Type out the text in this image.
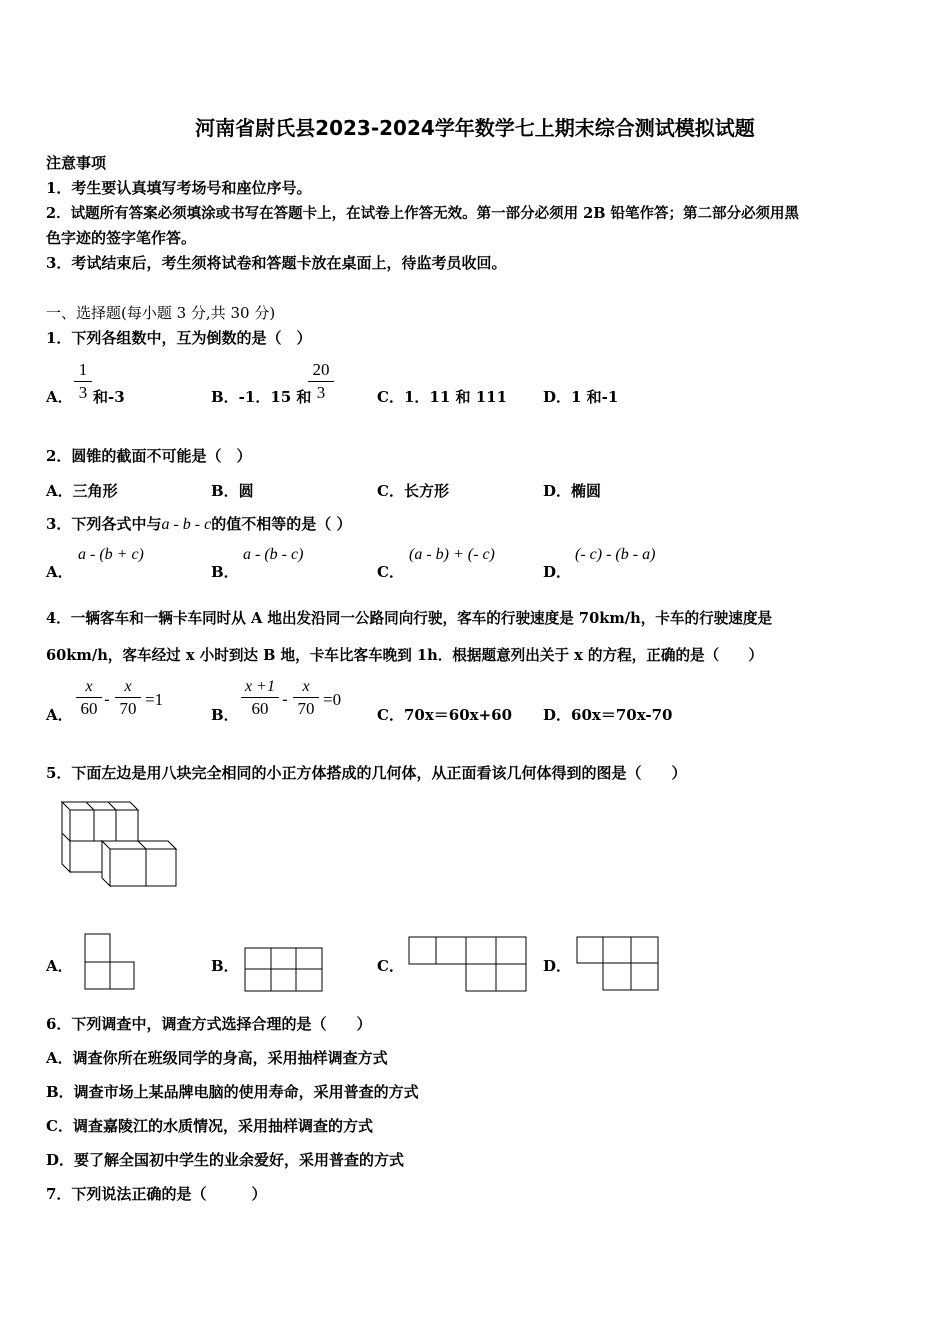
河南省尉氏县2023-2024学年数学七上期末综合测试模拟试题
注意事项
1．考生要认真填写考场号和座位序号。
2．试题所有答案必须填涂或书写在答题卡上，在试卷上作答无效。第一部分必须用 2B 铅笔作答；第二部分必须用黑
色字迹的签字笔作答。
3．考试结束后，考生须将试卷和答题卡放在桌面上，待监考员收回。
一、选择题(每小题 3 分,共 30 分)
1．下列各组数中，互为倒数的是（　）
A．
1
3 和-3	B．-1．15 和
20
3	C．1．11 和 111 D．1 和-1
2．圆锥的截面不可能是（　）
A．三角形	B．圆	C．长方形	D．椭圆
3．下列各式中与a - b - c的值不相等的是（ ）
A．
a - (b + c)
B．
a - (b - c)
C．
(a - b) + (- c)
D．
(- c) - (b - a)
4．一辆客车和一辆卡车同时从 A 地出发沿同一公路同向行驶，客车的行驶速度是 70km/h，卡车的行驶速度是
60km/h，客车经过 x 小时到达 B 地，卡车比客车晚到 1h．根据题意列出关于 x 的方程，正确的是（　　）
A．
x
60 -
x
70 =1
B．
x +1
60 -
x
70 =0
C．70x＝60x+60 D．60x＝70x-70
5．下面左边是用八块完全相同的小正方体搭成的几何体，从正面看该几何体得到的图是（　　）
A．	B．	C．	D．
6．下列调查中，调查方式选择合理的是（　　）
A．调查你所在班级同学的身高，采用抽样调查方式
B．调查市场上某品牌电脑的使用寿命，采用普查的方式
C．调查嘉陵江的水质情况，采用抽样调查的方式
D．要了解全国初中学生的业余爱好，采用普查的方式
7．下列说法正确的是（　　　）
